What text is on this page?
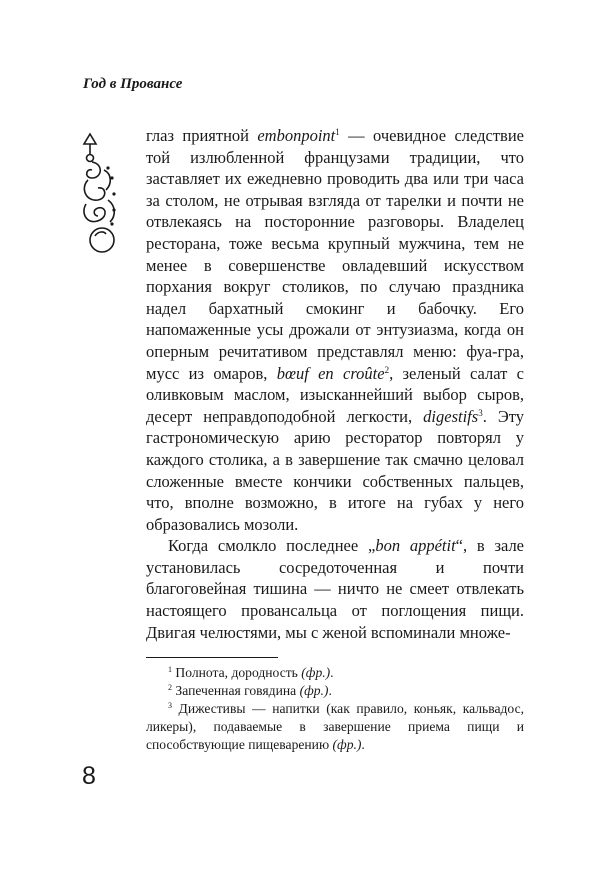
Год в Провансе

глаз приятной embonpoint$^1$ — очевидное следствие той излюбленной французами традиции, что заставляет их ежедневно проводить два или три часа за столом, не отрывая взгляда от тарелки и почти не отвлекаясь на посторонние разговоры. Владелец ресторана, тоже весьма крупный мужчина, тем не менее в совершенстве овладевший искусством порхания вокруг столиков, по случаю праздника надел бархатный смокинг и бабочку. Его напомаженные усы дрожали от энтузиазма, когда он оперным речитативом представлял меню: фуа-гра, мусс из омаров, bœuf en croûte$^2$, зеленый салат с оливковым маслом, изысканнейший выбор сыров, десерт неправдоподобной легкости, digestifs$^3$. Эту гастрономическую арию ресторатор повторял у каждого столика, а в завершение так смачно целовал сложенные вместе кончики собственных пальцев, что, вполне возможно, в итоге на губах у него образовались мозоли.

Когда смолкло последнее „bon appétit“, в зале установилась сосредоточенная и почти благоговейная тишина — ничто не смеет отвлекать настоящего провансальца от поглощения пищи. Двигая челюстями, мы с женой вспоминали множе-

$^1$ Полнота, дородность (фр.).

$^2$ Запеченная говядина (фр.).

$^3$ Дижестивы — напитки (как правило, коньяк, кальвадос, ликеры), подаваемые в завершение приема пищи и способствующие пищеварению (фр.).

8
